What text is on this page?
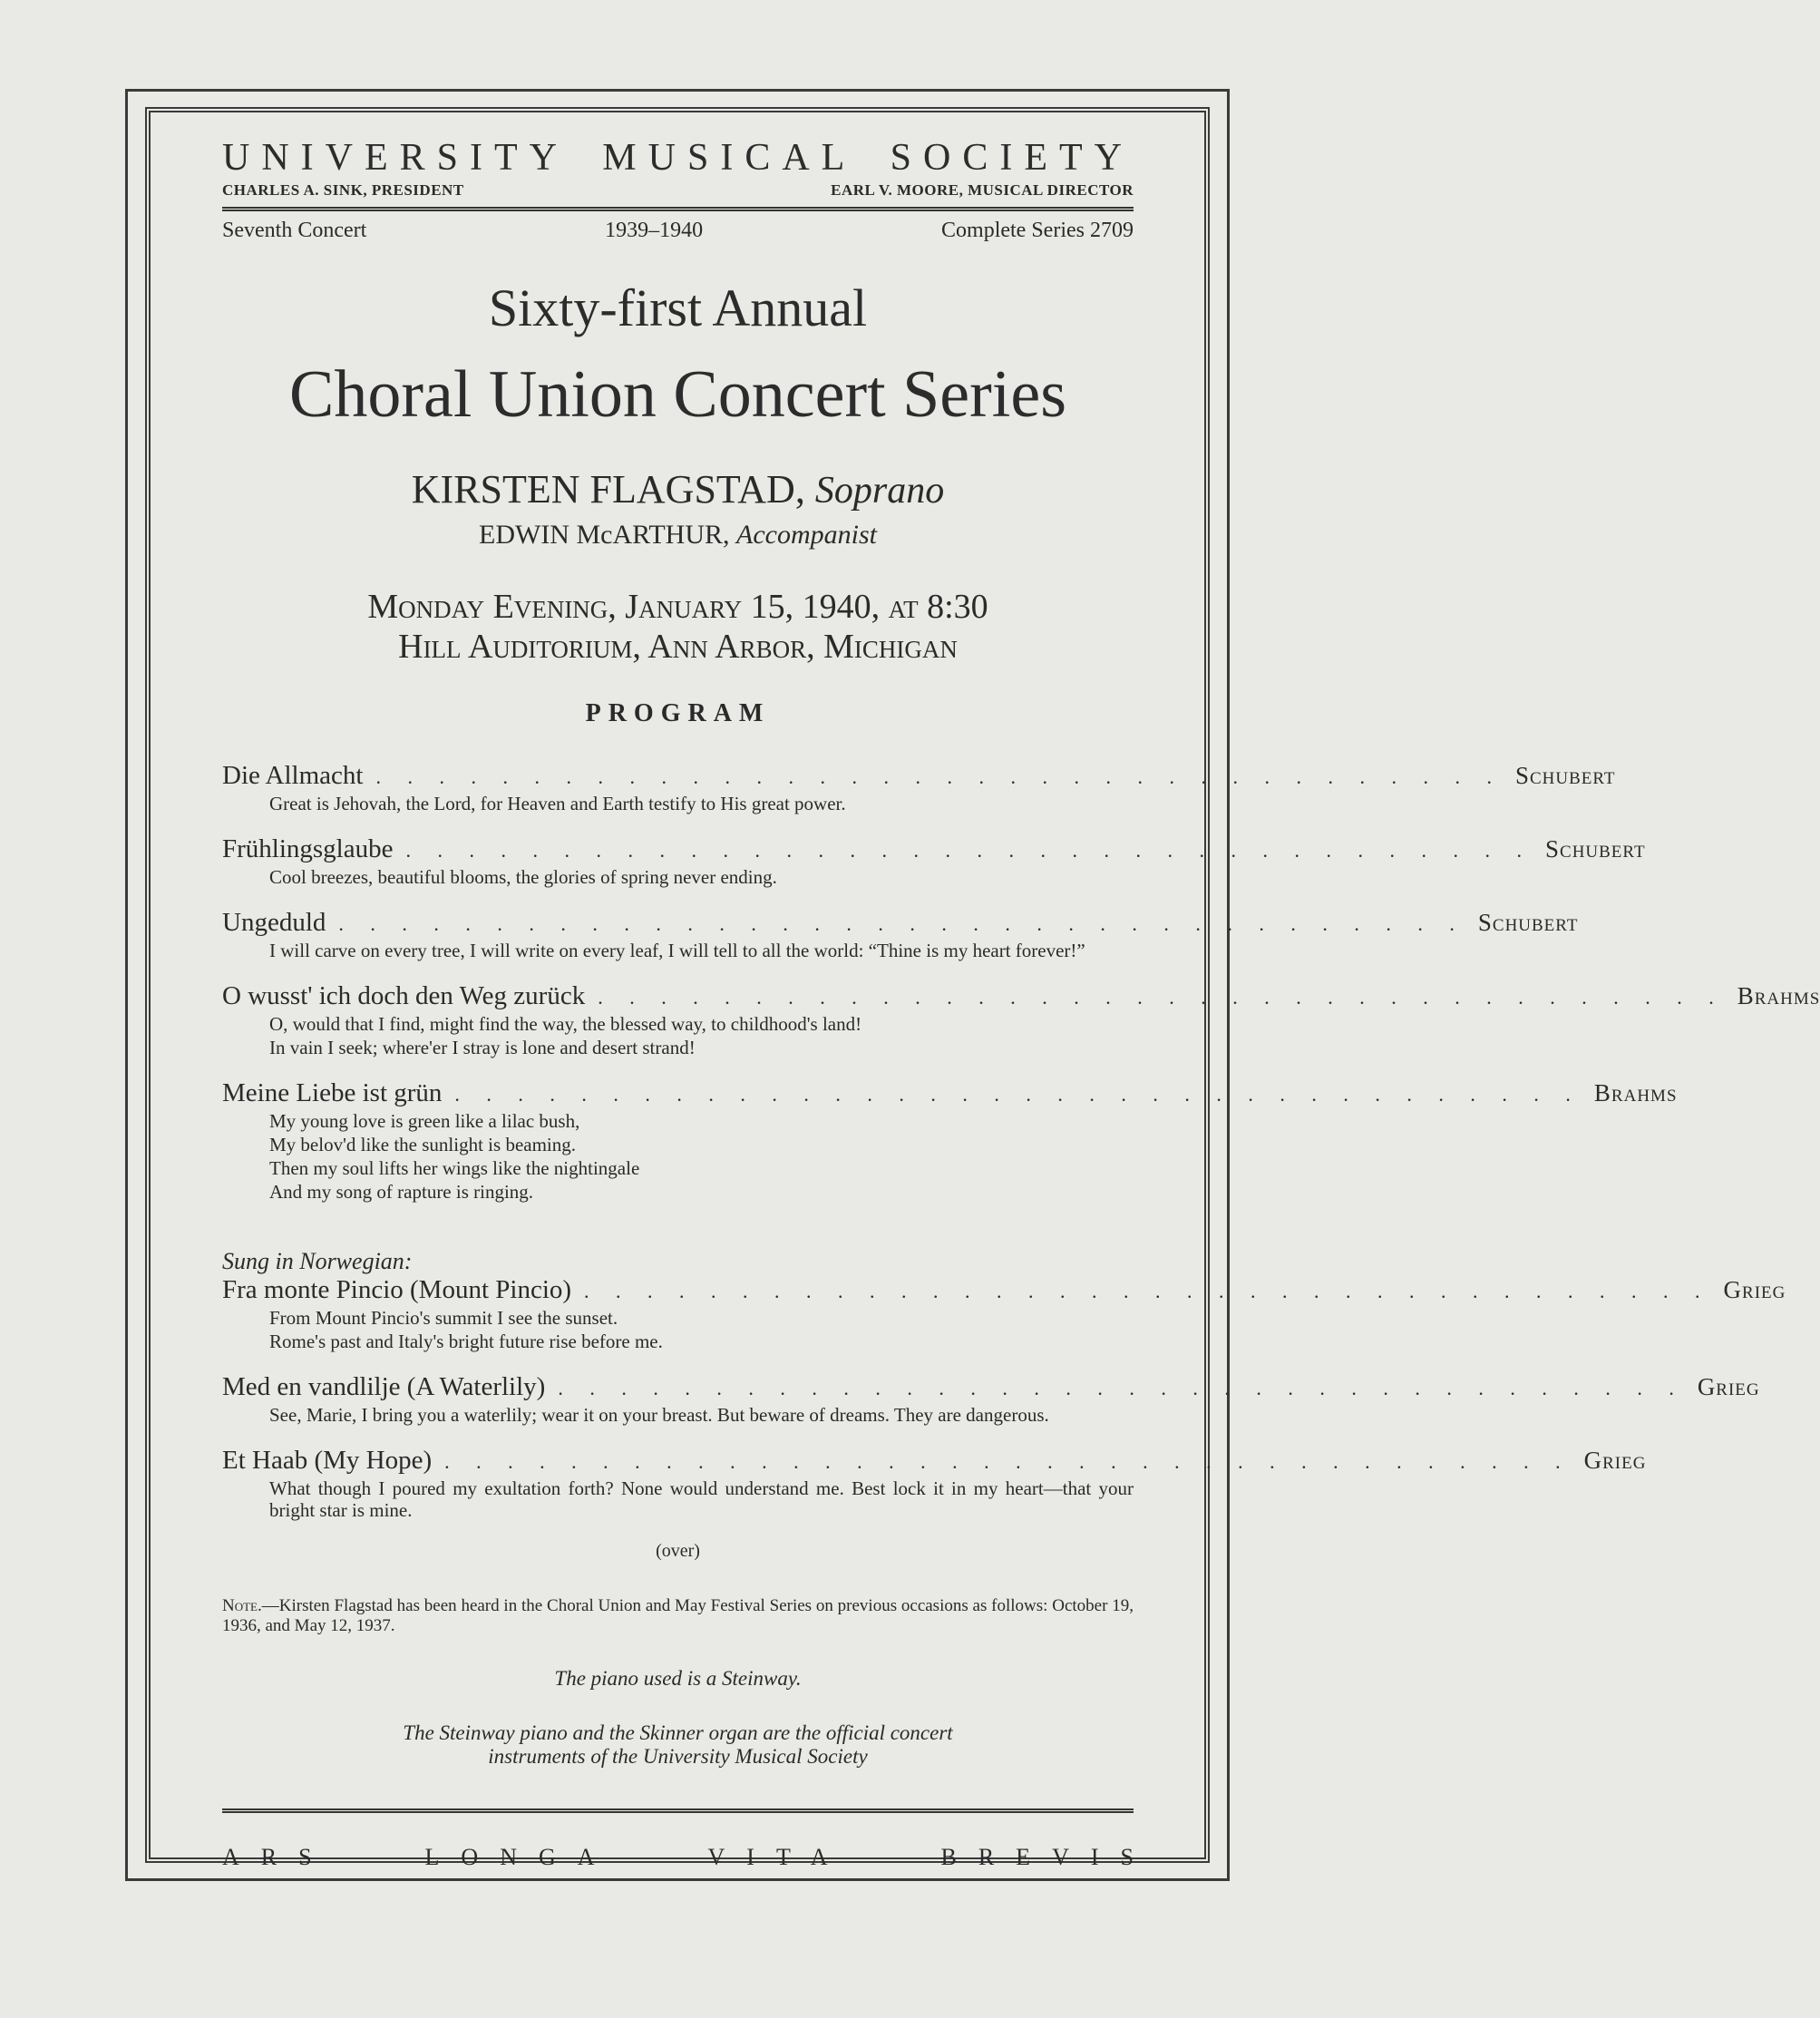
UNIVERSITY MUSICAL SOCIETY
CHARLES A. SINK, PRESIDENT	EARL V. MOORE, MUSICAL DIRECTOR
Seventh Concert	1939–1940	Complete Series 2709
Sixty-first Annual
Choral Union Concert Series
KIRSTEN FLAGSTAD, Soprano
EDWIN McARTHUR, Accompanist
Monday Evening, January 15, 1940, at 8:30
Hill Auditorium, Ann Arbor, Michigan
PROGRAM
Die Allmacht . . . . . . . . . . . . . . . . . . . . . . . . . . . . . . . . . . . . Schubert
Great is Jehovah, the Lord, for Heaven and Earth testify to His great power.
Frühlingsglaube . . . . . . . . . . . . . . . . . . . . . . . . . . . . . . . . . . . . Schubert
Cool breezes, beautiful blooms, the glories of spring never ending.
Ungeduld . . . . . . . . . . . . . . . . . . . . . . . . . . . . . . . . . . . . Schubert
I will carve on every tree, I will write on every leaf, I will tell to all the world: “Thine is my heart forever!”
O wusst' ich doch den Weg zurück . . . . . . . . . . . . . . . . . . . . . . . . . . . . . . . . . . . . Brahms
O, would that I find, might find the way, the blessed way, to childhood's land!
In vain I seek; where'er I stray is lone and desert strand!
Meine Liebe ist grün . . . . . . . . . . . . . . . . . . . . . . . . . . . . . . . . . . . . Brahms
My young love is green like a lilac bush,
My belov'd like the sunlight is beaming.
Then my soul lifts her wings like the nightingale
And my song of rapture is ringing.
Sung in Norwegian:
Fra monte Pincio (Mount Pincio) . . . . . . . . . . . . . . . . . . . . . . . . . . . . . . . . . . . . Grieg
From Mount Pincio's summit I see the sunset.
Rome's past and Italy's bright future rise before me.
Med en vandlilje (A Waterlily) . . . . . . . . . . . . . . . . . . . . . . . . . . . . . . . . . . . . Grieg
See, Marie, I bring you a waterlily; wear it on your breast. But beware of dreams. They are dangerous.
Et Haab (My Hope) . . . . . . . . . . . . . . . . . . . . . . . . . . . . . . . . . . . . Grieg
What though I poured my exultation forth? None would understand me. Best lock it in my heart—that your bright star is mine.
(over)
Note.—Kirsten Flagstad has been heard in the Choral Union and May Festival Series on previous occasions as follows: October 19, 1936, and May 12, 1937.
The piano used is a Steinway.
The Steinway piano and the Skinner organ are the official concert
instruments of the University Musical Society
ARS	LONGA	VITA	BREVIS
